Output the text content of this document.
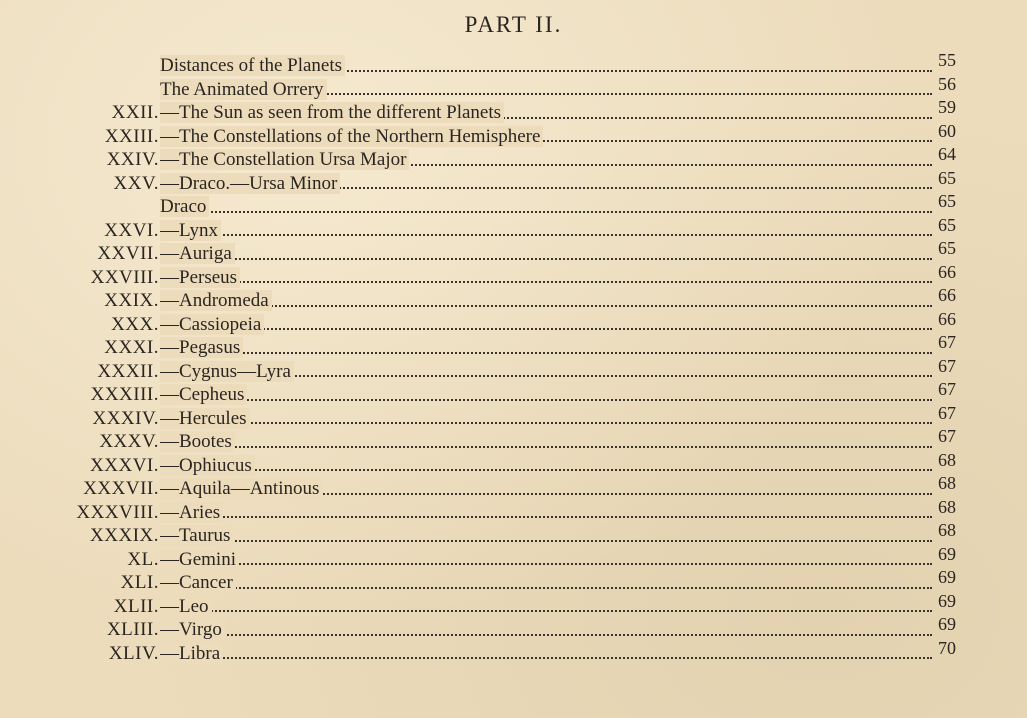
PART II.
Distances of the Planets	55
The Animated Orrery	56
XXII. —The Sun as seen from the different Planets	59
XXIII. —The Constellations of the Northern Hemisphere	60
XXIV. —The Constellation Ursa Major	64
XXV. —Draco.—Ursa Minor	65
Draco	65
XXVI. —Lynx	65
XXVII. —Auriga	65
XXVIII. —Perseus	66
XXIX. —Andromeda	66
XXX. —Cassiopeia	66
XXXI. —Pegasus	67
XXXII. —Cygnus—Lyra	67
XXXIII. —Cepheus	67
XXXIV. —Hercules	67
XXXV. —Bootes	67
XXXVI. —Ophiucus	68
XXXVII. —Aquila—Antinous	68
XXXVIII. —Aries	68
XXXIX. —Taurus	68
XL. —Gemini	69
XLI. —Cancer	69
XLII. —Leo	69
XLIII. —Virgo	69
XLIV. —Libra	70
